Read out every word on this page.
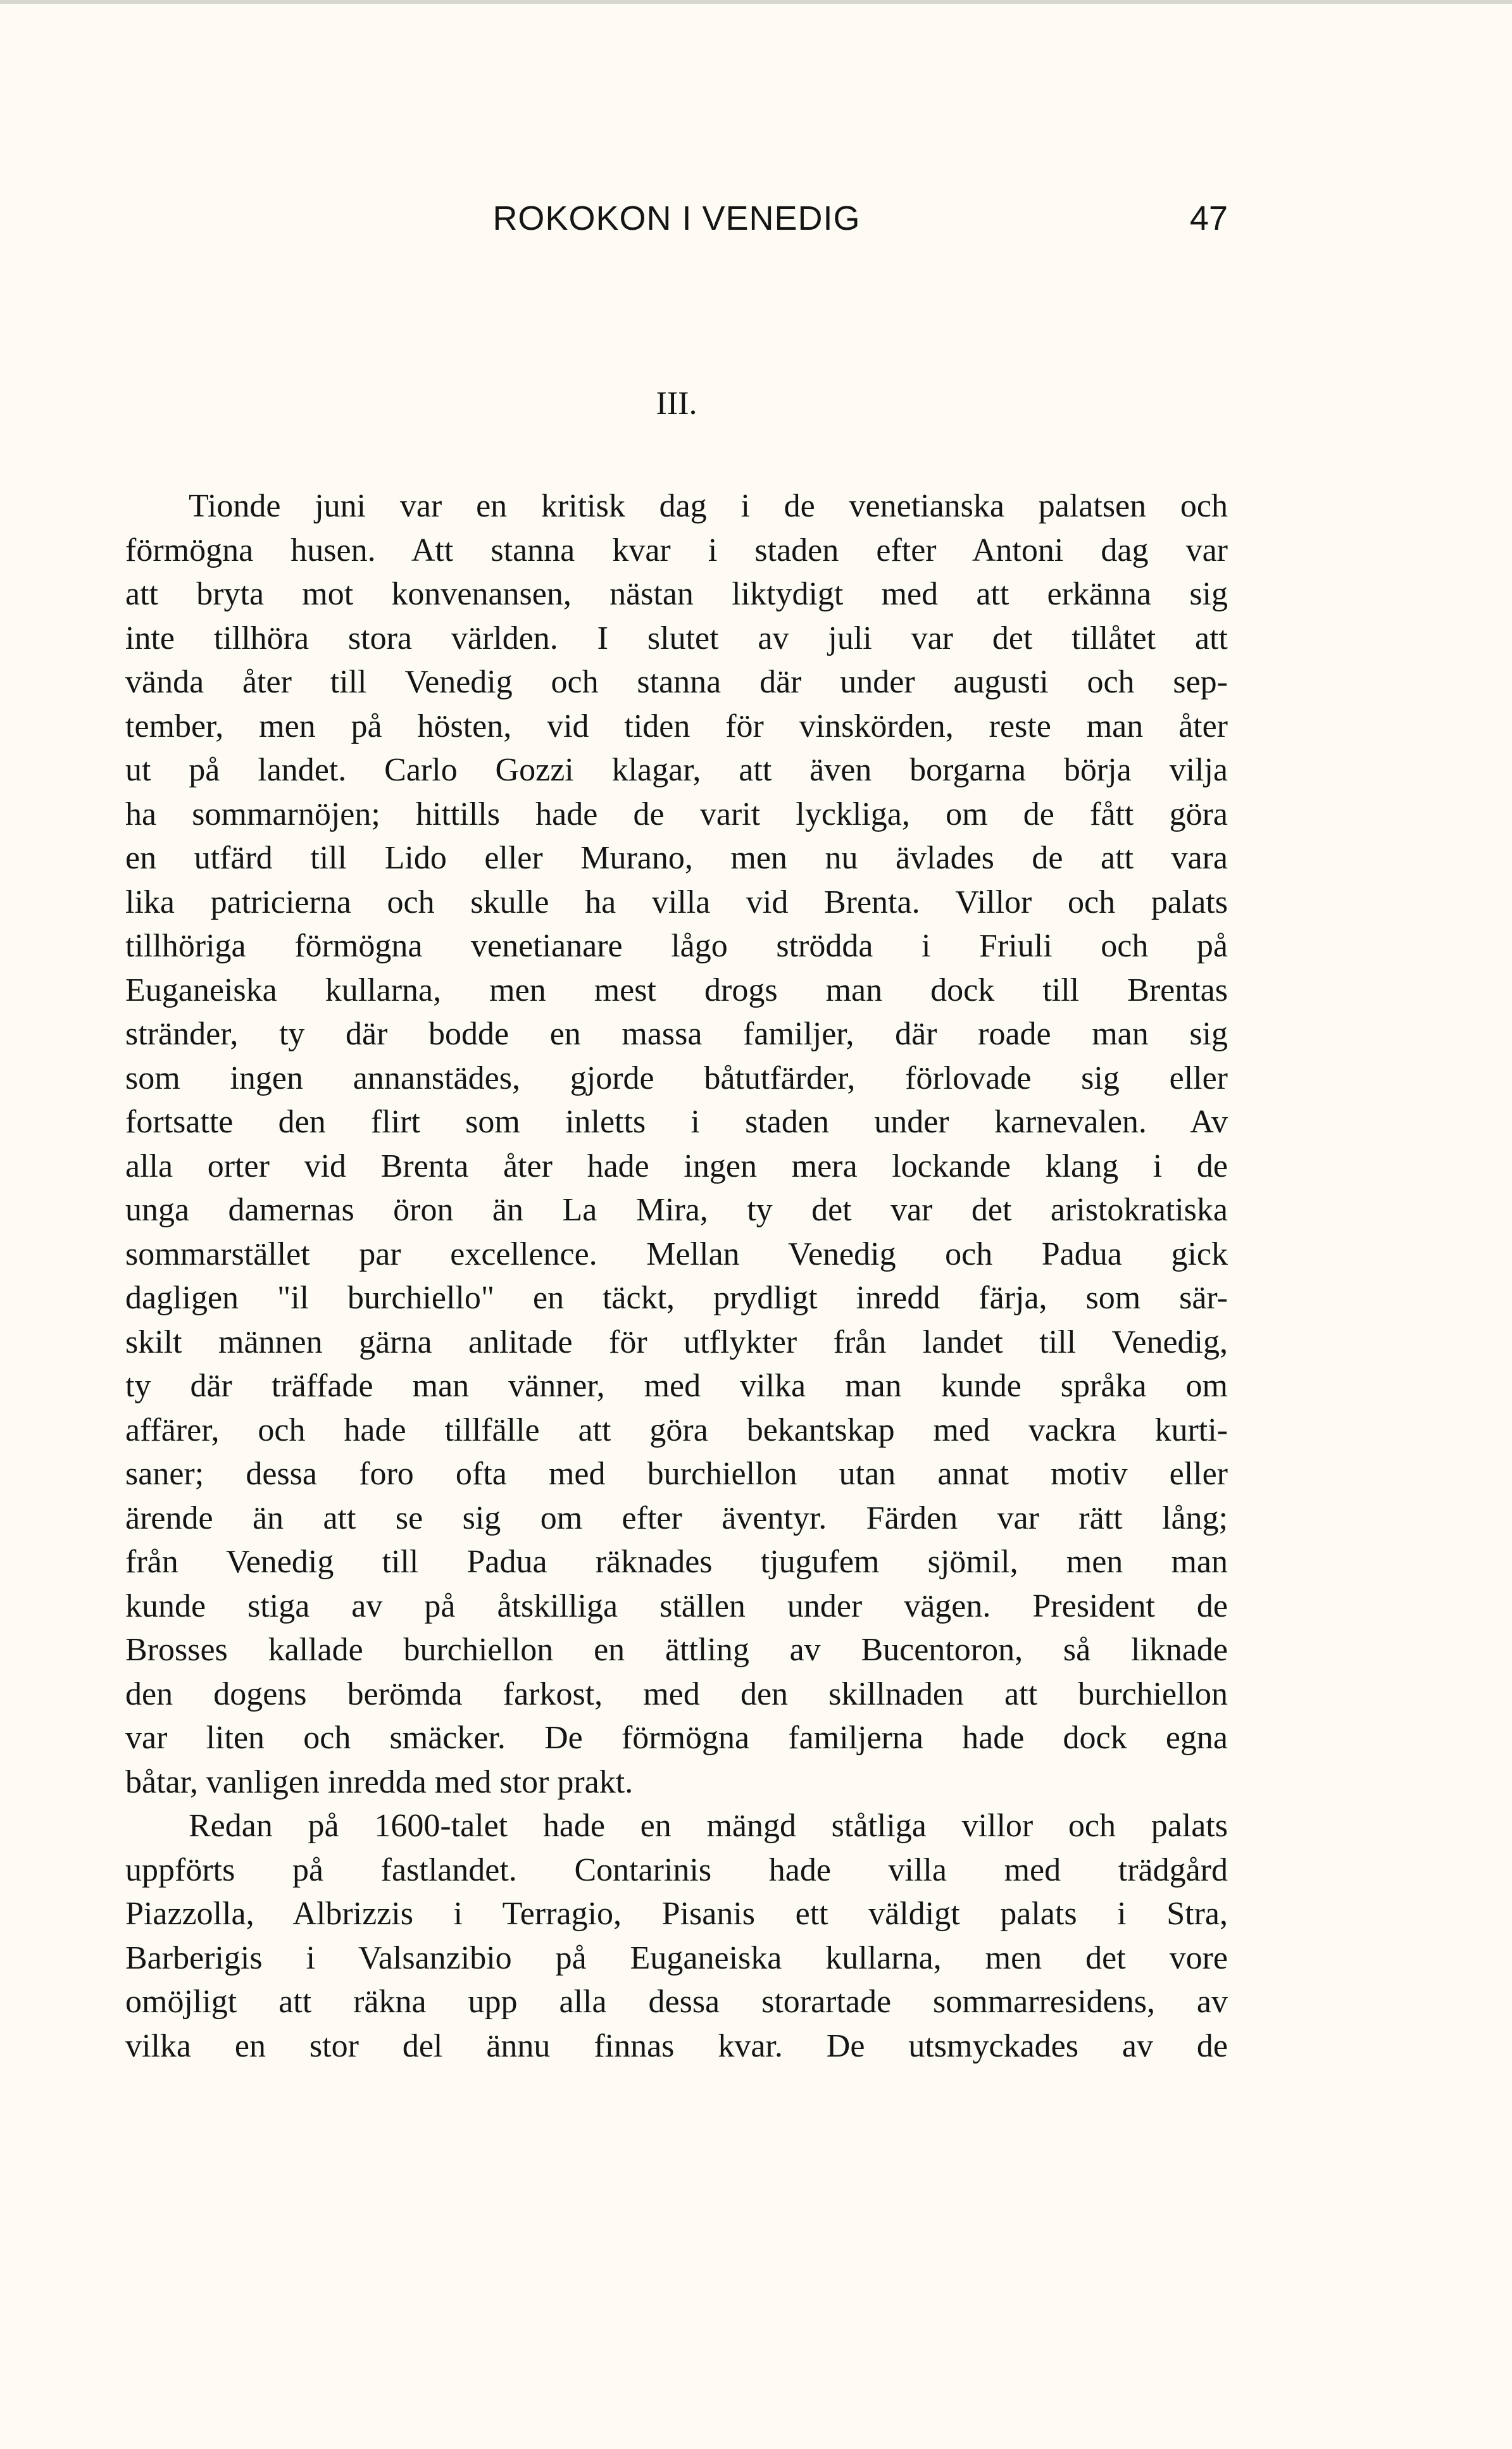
ROKOKON I VENEDIG	47
III.
Tionde juni var en kritisk dag i de venetianska palatsen och
förmögna husen. Att stanna kvar i staden efter Antoni dag var
att bryta mot konvenansen, nästan liktydigt med att erkänna sig
inte tillhöra stora världen. I slutet av juli var det tillåtet att
vända åter till Venedig och stanna där under augusti och sep-
tember, men på hösten, vid tiden för vinskörden, reste man åter
ut på landet. Carlo Gozzi klagar, att även borgarna börja vilja
ha sommarnöjen; hittills hade de varit lyckliga, om de fått göra
en utfärd till Lido eller Murano, men nu ävlades de att vara
lika patricierna och skulle ha villa vid Brenta. Villor och palats
tillhöriga förmögna venetianare lågo strödda i Friuli och på
Euganeiska kullarna, men mest drogs man dock till Brentas
stränder, ty där bodde en massa familjer, där roade man sig
som ingen annanstädes, gjorde båtutfärder, förlovade sig eller
fortsatte den flirt som inletts i staden under karnevalen. Av
alla orter vid Brenta åter hade ingen mera lockande klang i de
unga damernas öron än La Mira, ty det var det aristokratiska
sommarstället par excellence. Mellan Venedig och Padua gick
dagligen "il burchiello" en täckt, prydligt inredd färja, som sär-
skilt männen gärna anlitade för utflykter från landet till Venedig,
ty där träffade man vänner, med vilka man kunde språka om
affärer, och hade tillfälle att göra bekantskap med vackra kurti-
saner; dessa foro ofta med burchiellon utan annat motiv eller
ärende än att se sig om efter äventyr. Färden var rätt lång;
från Venedig till Padua räknades tjugufem sjömil, men man
kunde stiga av på åtskilliga ställen under vägen. President de
Brosses kallade burchiellon en ättling av Bucentoron, så liknade
den dogens berömda farkost, med den skillnaden att burchiellon
var liten och smäcker. De förmögna familjerna hade dock egna
båtar, vanligen inredda med stor prakt.
Redan på 1600-talet hade en mängd ståtliga villor och palats
uppförts på fastlandet. Contarinis hade villa med trädgård
Piazzolla, Albrizzis i Terragio, Pisanis ett väldigt palats i Stra,
Barberigis i Valsanzibio på Euganeiska kullarna, men det vore
omöjligt att räkna upp alla dessa storartade sommarresidens, av
vilka en stor del ännu finnas kvar. De utsmyckades av de
